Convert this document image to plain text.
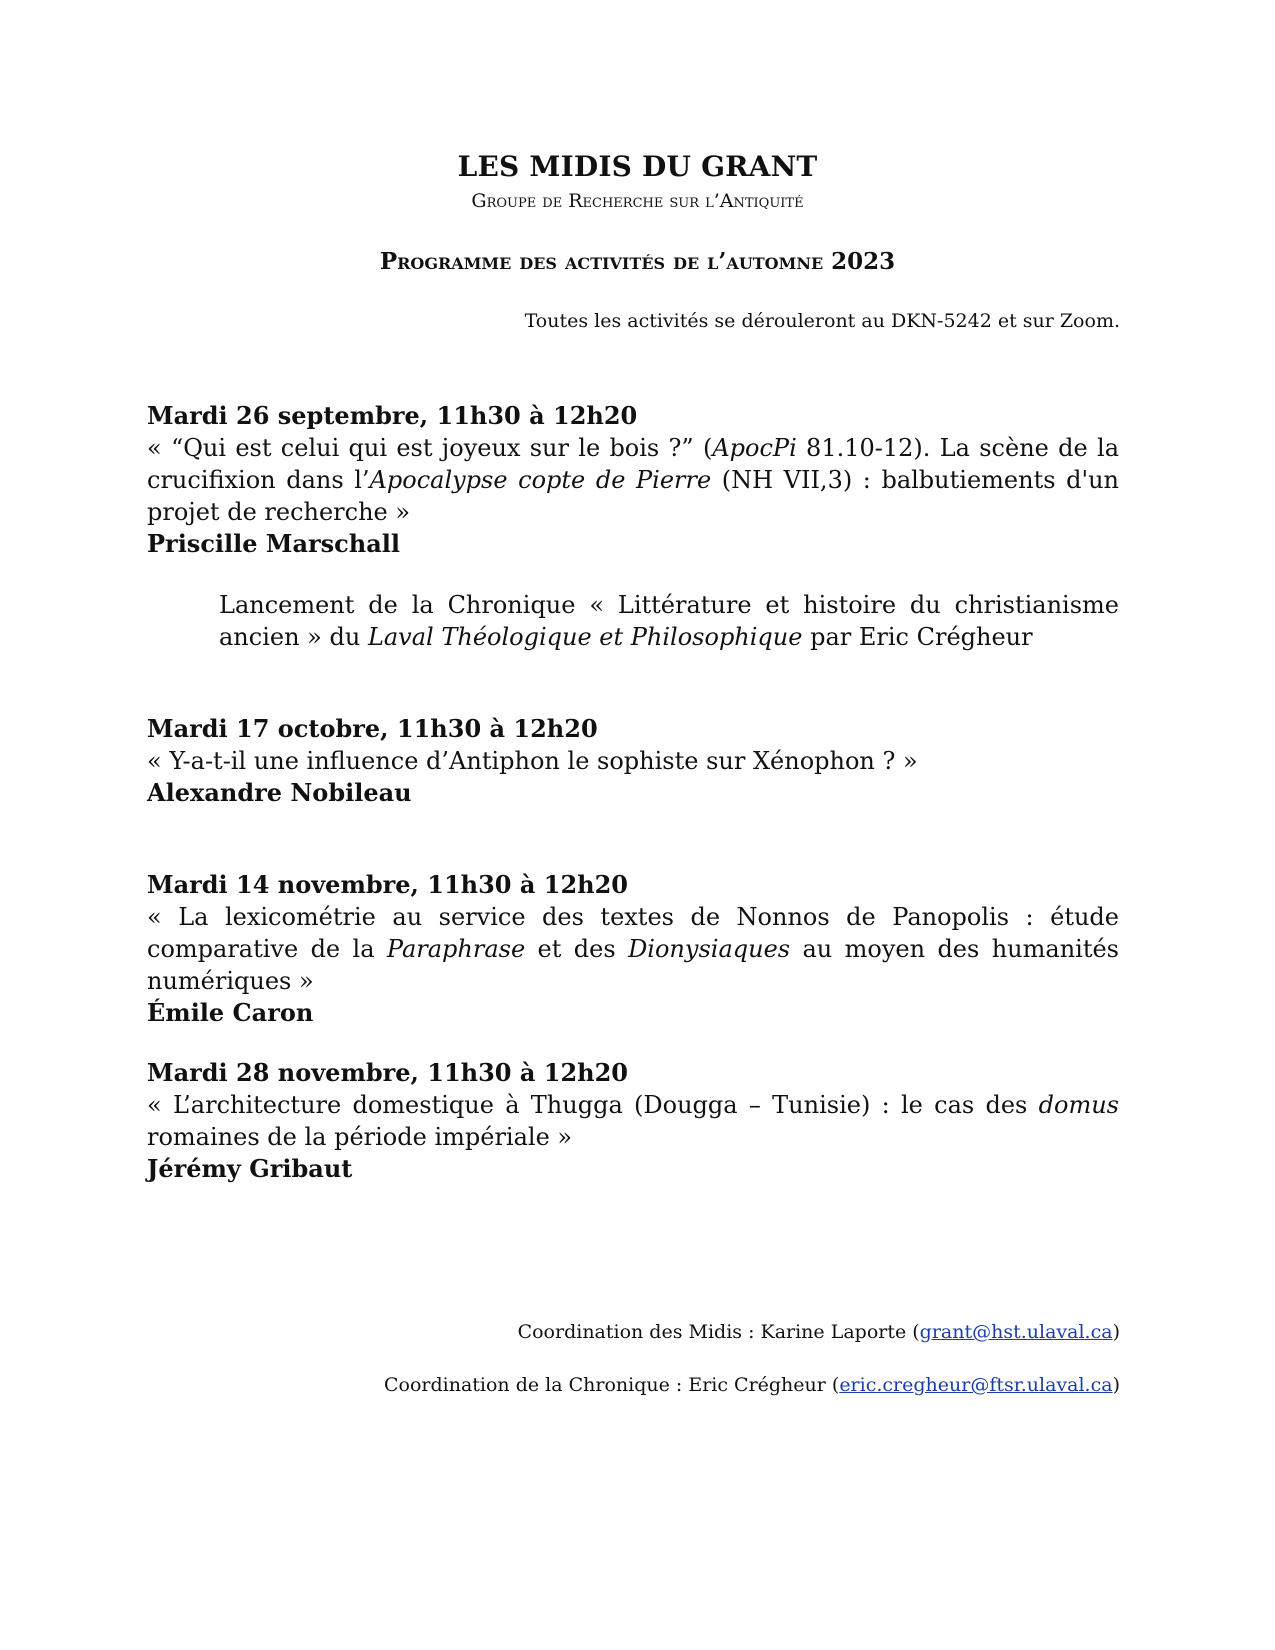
LES MIDIS DU GRANT
Groupe de Recherche sur l’Antiquité
Programme des activités de l’automne 2023
Toutes les activités se dérouleront au DKN-5242 et sur Zoom.
Mardi 26 septembre, 11h30 à 12h20
« “Qui est celui qui est joyeux sur le bois ?” (ApocPi 81.10-12). La scène de la crucifixion dans l’Apocalypse copte de Pierre (NH VII,3) : balbutiements d'un projet de recherche »
Priscille Marschall
Lancement de la Chronique « Littérature et histoire du christianisme ancien » du Laval Théologique et Philosophique par Eric Crégheur
Mardi 17 octobre, 11h30 à 12h20
« Y-a-t-il une influence d’Antiphon le sophiste sur Xénophon ? »
Alexandre Nobileau
Mardi 14 novembre, 11h30 à 12h20
« La lexicométrie au service des textes de Nonnos de Panopolis : étude comparative de la Paraphrase et des Dionysiaques au moyen des humanités numériques »
Émile Caron
Mardi 28 novembre, 11h30 à 12h20
« L’architecture domestique à Thugga (Dougga – Tunisie) : le cas des domus romaines de la période impériale »
Jérémy Gribaut
Coordination des Midis : Karine Laporte (grant@hst.ulaval.ca)
Coordination de la Chronique : Eric Crégheur (eric.cregheur@ftsr.ulaval.ca)
